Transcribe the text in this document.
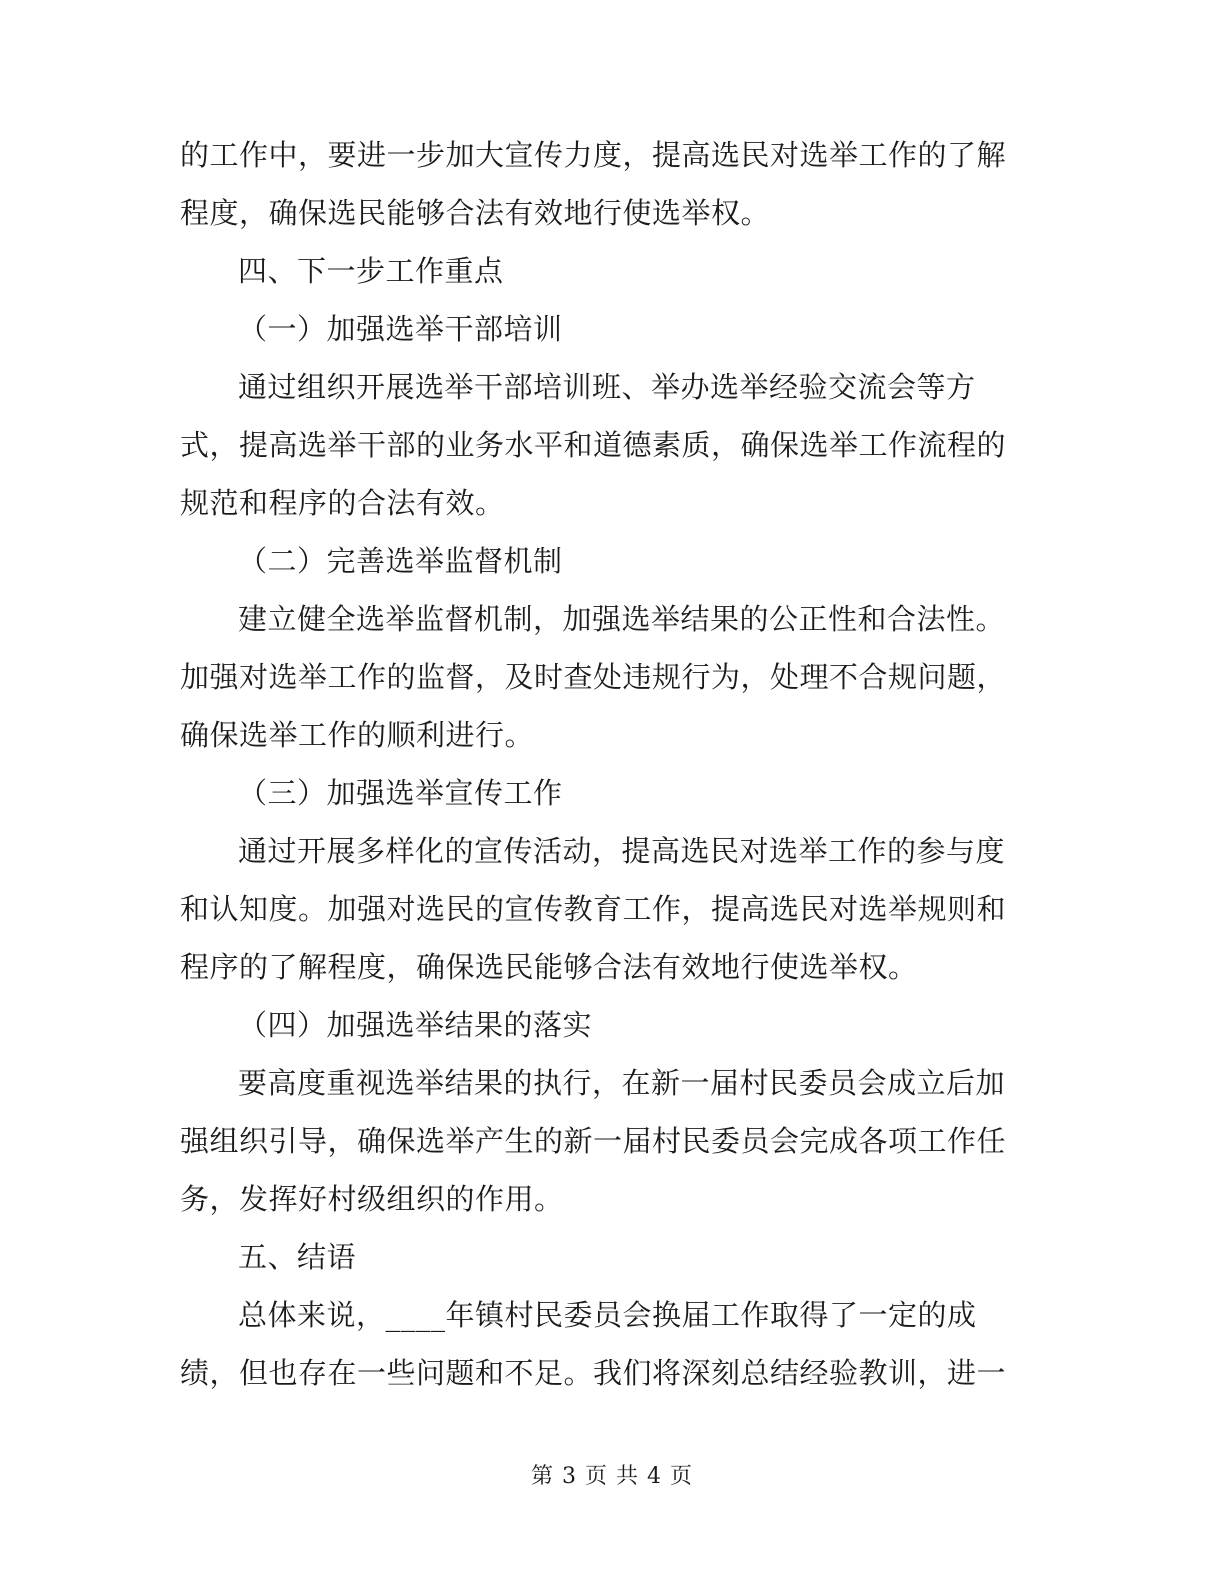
的工作中，要进一步加大宣传力度，提高选民对选举工作的了解
程度，确保选民能够合法有效地行使选举权。
四、下一步工作重点
（一）加强选举干部培训
通过组织开展选举干部培训班、举办选举经验交流会等方
式，提高选举干部的业务水平和道德素质，确保选举工作流程的
规范和程序的合法有效。
（二）完善选举监督机制
建立健全选举监督机制，加强选举结果的公正性和合法性。
加强对选举工作的监督，及时查处违规行为，处理不合规问题，
确保选举工作的顺利进行。
（三）加强选举宣传工作
通过开展多样化的宣传活动，提高选民对选举工作的参与度
和认知度。加强对选民的宣传教育工作，提高选民对选举规则和
程序的了解程度，确保选民能够合法有效地行使选举权。
（四）加强选举结果的落实
要高度重视选举结果的执行，在新一届村民委员会成立后加
强组织引导，确保选举产生的新一届村民委员会完成各项工作任
务，发挥好村级组织的作用。
五、结语
总体来说，____年镇村民委员会换届工作取得了一定的成
绩，但也存在一些问题和不足。我们将深刻总结经验教训，进一
第 3 页 共 4 页
